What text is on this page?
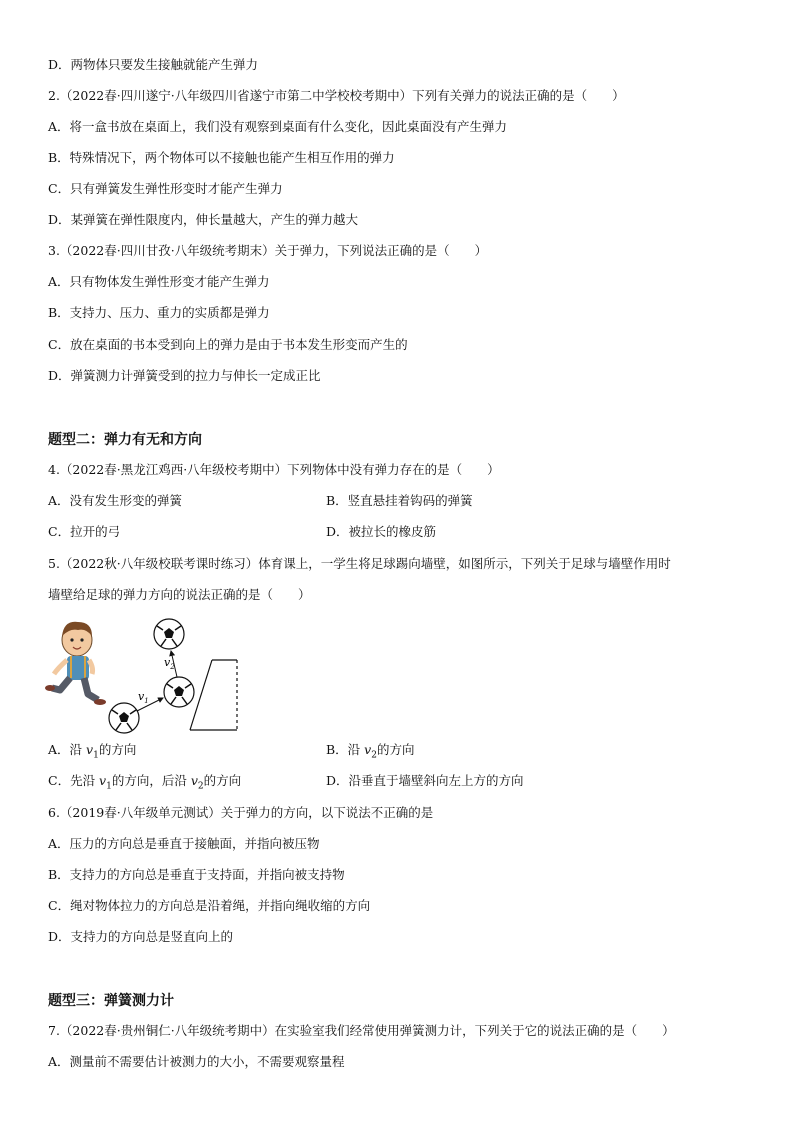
D．两物体只要发生接触就能产生弹力
2.（2022春·四川遂宁·八年级四川省遂宁市第二中学校校考期中）下列有关弹力的说法正确的是（　　）
A．将一盒书放在桌面上，我们没有观察到桌面有什么变化，因此桌面没有产生弹力
B．特殊情况下，两个物体可以不接触也能产生相互作用的弹力
C．只有弹簧发生弹性形变时才能产生弹力
D．某弹簧在弹性限度内，伸长量越大，产生的弹力越大
3.（2022春·四川甘孜·八年级统考期末）关于弹力，下列说法正确的是（　　）
A．只有物体发生弹性形变才能产生弹力
B．支持力、压力、重力的实质都是弹力
C．放在桌面的书本受到向上的弹力是由于书本发生形变而产生的
D．弹簧测力计弹簧受到的拉力与伸长一定成正比
题型二：弹力有无和方向
4.（2022春·黑龙江鸡西·八年级校考期中）下列物体中没有弹力存在的是（　　）
A．没有发生形变的弹簧	B．竖直悬挂着钩码的弹簧
C．拉开的弓	D．被拉长的橡皮筋
5.（2022秋·八年级校联考课时练习）体育课上，一学生将足球踢向墙壁，如图所示，下列关于足球与墙壁作用时
墙壁给足球的弹力方向的说法正确的是（　　）
$v_1$
$v_2$
A．沿 $v_1$的方向	B．沿 $v_2$的方向
C．先沿 $v_1$的方向，后沿 $v_2$的方向	D．沿垂直于墙壁斜向左上方的方向
6.（2019春·八年级单元测试）关于弹力的方向，以下说法不正确的是
A．压力的方向总是垂直于接触面，并指向被压物
B．支持力的方向总是垂直于支持面，并指向被支持物
C．绳对物体拉力的方向总是沿着绳，并指向绳收缩的方向
D．支持力的方向总是竖直向上的
题型三：弹簧测力计
7.（2022春·贵州铜仁·八年级统考期中）在实验室我们经常使用弹簧测力计，下列关于它的说法正确的是（　　）
A．测量前不需要估计被测力的大小，不需要观察量程
